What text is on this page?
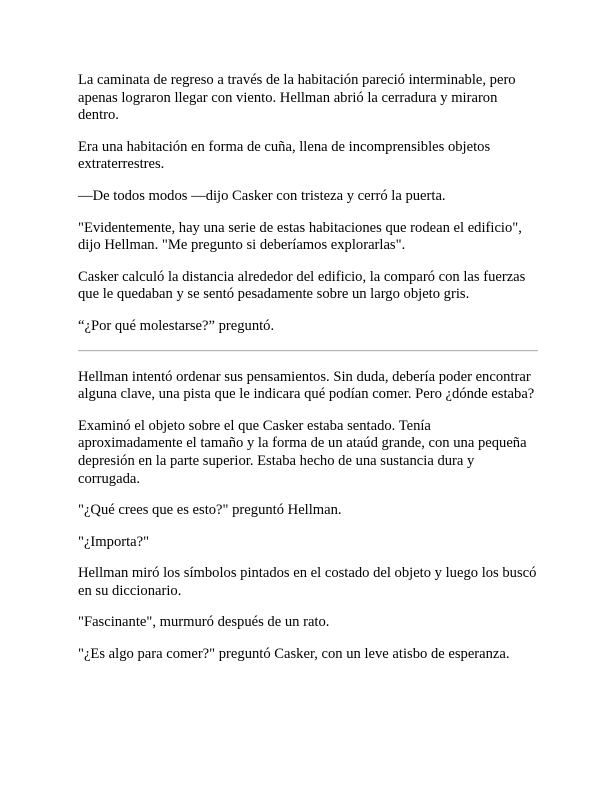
La caminata de regreso a través de la habitación pareció interminable, pero apenas lograron llegar con viento. Hellman abrió la cerradura y miraron dentro.

Era una habitación en forma de cuña, llena de incomprensibles objetos extraterrestres.

—De todos modos —dijo Casker con tristeza y cerró la puerta.

"Evidentemente, hay una serie de estas habitaciones que rodean el edificio", dijo Hellman. "Me pregunto si deberíamos explorarlas".

Casker calculó la distancia alrededor del edificio, la comparó con las fuerzas que le quedaban y se sentó pesadamente sobre un largo objeto gris.

“¿Por qué molestarse?” preguntó.

Hellman intentó ordenar sus pensamientos. Sin duda, debería poder encontrar alguna clave, una pista que le indicara qué podían comer. Pero ¿dónde estaba?

Examinó el objeto sobre el que Casker estaba sentado. Tenía aproximadamente el tamaño y la forma de un ataúd grande, con una pequeña depresión en la parte superior. Estaba hecho de una sustancia dura y corrugada.

"¿Qué crees que es esto?" preguntó Hellman.

"¿Importa?"

Hellman miró los símbolos pintados en el costado del objeto y luego los buscó en su diccionario.

"Fascinante", murmuró después de un rato.

"¿Es algo para comer?" preguntó Casker, con un leve atisbo de esperanza.
